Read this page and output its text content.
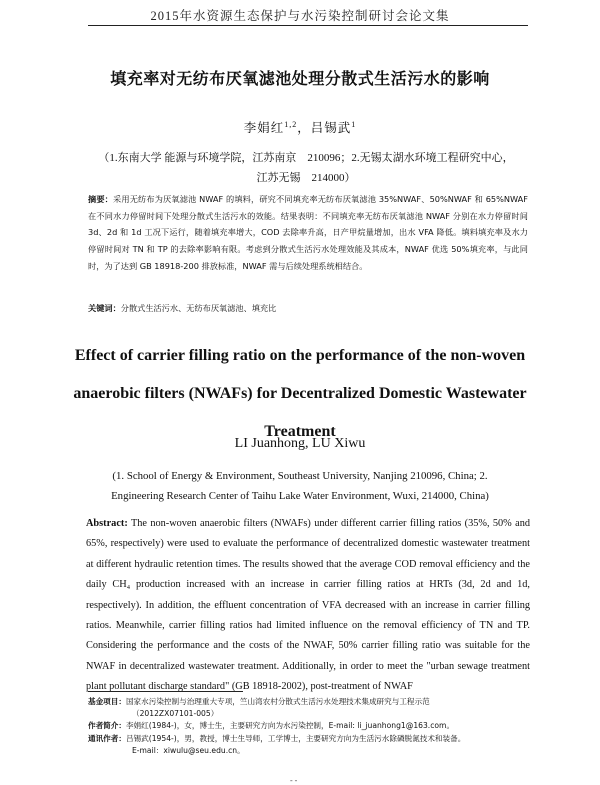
2015年水资源生态保护与水污染控制研讨会论文集
填充率对无纺布厌氧滤池处理分散式生活污水的影响
李娟红$^{1,2}$，吕锡武$^1$
（1.东南大学 能源与环境学院，江苏南京　210096；2.无锡太湖水环境工程研究中心，
江苏无锡　214000）
摘要：采用无纺布为厌氧滤池 NWAF 的填料，研究不同填充率无纺布厌氧滤池 35%NWAF、50%NWAF 和 65%NWAF 在不同水力停留时间下处理分散式生活污水的效能。结果表明：不同填充率无纺布厌氧滤池 NWAF 分别在水力停留时间 3d、2d 和 1d 工况下运行，随着填充率增大，COD 去除率升高，日产甲烷量增加，出水 VFA 降低。填料填充率及水力停留时间对 TN 和 TP 的去除率影响有限。考虑到分散式生活污水处理效能及其成本，NWAF 优选 50%填充率，与此同时，为了达到 GB 18918-200 排放标准，NWAF 需与后续处理系统相结合。
关键词：分散式生活污水、无纺布厌氧滤池、填充比
Effect of carrier filling ratio on the performance of the non-woven anaerobic filters (NWAFs) for Decentralized Domestic Wastewater Treatment
LI Juanhong, LU Xiwu
(1. School of Energy & Environment, Southeast University, Nanjing 210096, China; 2. Engineering Research Center of Taihu Lake Water Environment, Wuxi, 214000, China)
Abstract: The non-woven anaerobic filters (NWAFs) under different carrier filling ratios (35%, 50% and 65%, respectively) were used to evaluate the performance of decentralized domestic wastewater treatment at different hydraulic retention times. The results showed that the average COD removal efficiency and the daily CH₄ production increased with an increase in carrier filling ratios at HRTs (3d, 2d and 1d, respectively). In addition, the effluent concentration of VFA decreased with an increase in carrier filling ratios. Meanwhile, carrier filling ratios had limited influence on the removal efficiency of TN and TP. Considering the performance and the costs of the NWAF, 50% carrier filling ratio was suitable for the NWAF in decentralized wastewater treatment. Additionally, in order to meet the "urban sewage treatment plant pollutant discharge standard" (GB 18918-2002), post-treatment of NWAF
基金项目：国家水污染控制与治理重大专项，竺山湾农村分散式生活污水处理技术集成研究与工程示范
（2012ZX07101-005）
作者简介：李娟红(1984-)，女，博士生，主要研究方向为水污染控制，E-mail: li_juanhong1@163.com。
通讯作者：吕锡武(1954-)，男，教授，博士生导师，工学博士，主要研究方向为生活污水除磷脱氮技术和装备。
E-mail：xiwulu@seu.edu.cn。
- -
